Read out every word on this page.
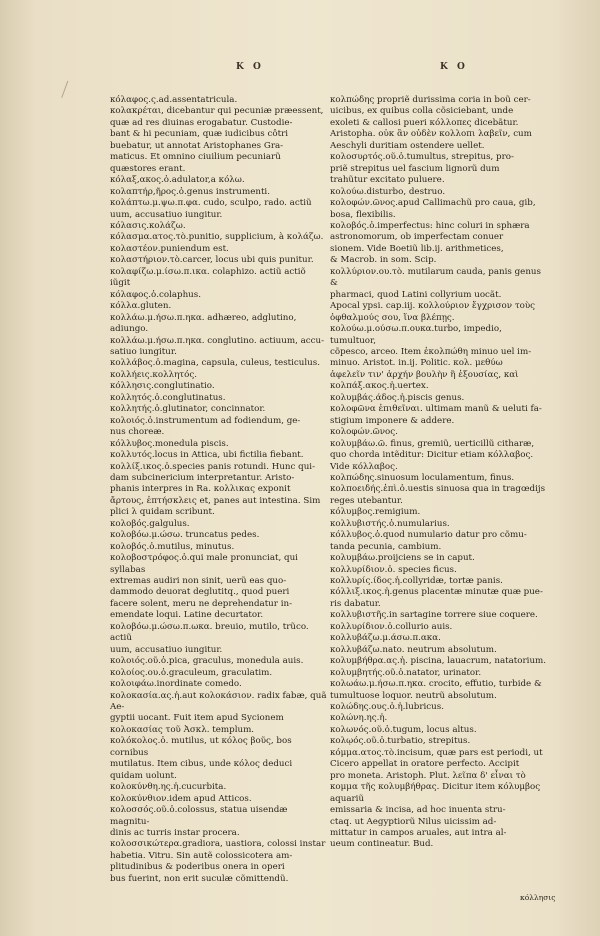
K O	K O
κόλαφος.ς.ad.assentatricula.
κολακρέται, dicebantur qui pecuniæ præessent,
quæ ad res diuinas erogabatur. Custodie-
bant & hi pecuniam, quæ iudicibus côtri
buebatur, ut annotat Aristophanes Gra-
maticus. Et omnino ciuilium pecuniarũ
quæstores erant.
κόλαξ,ακος.ὁ.adulator,a κόλω.
κολαπτήρ,ῆρος.ὁ.genus instrumenti.
κολάπτω.μ.ψω.π.φα. cudo, sculpo, rado. actiũ
uum, accusatiuo iungitur.
κόλασις.κολάζω.
κόλασμα.ατος.τὸ.punitio, supplicium, à κολάζω.
κολαστέον.puniendum est.
κολαστήριον.τὸ.carcer, locus ubi quis punitur.
κολαφίζω.μ.ίσω.π.ικα. colaphizo. actiũ actiõ iũgit
κόλαφος.ὁ.colaphus.
κόλλα.gluten.
κολλάω.μ.ήσω.π.ηκα. adhæreo, adglutino,
adiungo.
κολλάω.μ.ήσω.π.ηκα. conglutino. actiuum, accu-
satiuo iungitur.
κολλάβος.ὁ.magina, capsula, culeus, testiculus.
κολλήεις.κολλητός.
κόλλησις.conglutinatio.
κολλητός.ὁ.conglutinatus.
κολλητής.ὁ.glutinator, concinnator.
κολοιός.ὁ.instrumentum ad fodiendum, ge-
nus choreæ.
κόλλυβος.monedula piscis.
κολλυτός.locus in Attica, ubi fictilia fiebant.
κολλίξ.ικος.ὁ.species panis rotundi. Hunc qui-
dam subcinericium interpretantur. Aristo-
phanis interpres in Ra. κολλικας exponit
ἄρτους, ἐπτήσκλεις et, panes aut intestina. Sim
plici λ quidam scribunt.
κολοβός.galgulus.
κολοβόω.μ.ώσω. truncatus pedes.
κολοβός.ὁ.mutilus, minutus.
κολοβοστρόφος.ὁ.qui male pronunciat, qui syllabas
extremas audiri non sinit, uerũ eas quo-
dammodo deuorat deglutitq., quod pueri
facere solent, meru ne deprehendatur in-
emendate loqui. Latine decurtator.
κολοβόω.μ.ώσω.π.ωκα. breuio, mutilo, trũco. actiũ
uum, accusatiuo iungitur.
κολοιός.οῦ.ὁ.pica, graculus, monedula auis.
κολοίος.ου.ὁ.graculeum, graculatim.
κολοιφάω.inordinate comedo.
κολοκασία.ας.ἡ.aut κολοκάσιον. radix fabæ, quã Ae-
gyptii uocant. Fuit item apud Sycionem
κολοκασίας τοῦ Ἀσκλ. templum.
κολόκολος.ὁ. mutilus, ut κόλος βοῦς, bos cornibus
mutilatus. Item cibus, unde κόλος deduci
quidam uolunt.
κολοκύνθη.ης.ἡ.cucurbita.
κολοκύνθιον.idem apud Atticos.
κολοσσός.οῦ.ὁ.colossus, statua uisendæ magnitu-
dinis ac turris instar procera.
κολοσσικώτερα.gradiora, uastiora, colossi instar
habetia. Vitru. Sin autẽ colossicotera am-
plitudinibus & poderibus onera in operi
bus fuerint, non erit suculæ cõmittendũ.
κολπώδης propriẽ durissima coria in boũ cer-
uicibus, ex quibus colla cõsiciebant, unde
exoleti & callosi pueri κόλλοπες dicebãtur.
Aristopha. οὐκ ἂν οὐδὲν κολλοπι λαβεῖν, cum
Aeschyli duritiam ostendere uellet.
κολοσυρτός.οῦ.ὁ.tumultus, strepitus, pro-
priẽ strepitus uel fascium lignorũ dum
trahũtur excitato puluere.
κολούω.disturbo, destruo.
κολοφών.ῶνος.apud Callimachũ pro caua, gib,
bosa, flexibilis.
κολοβός.ὁ.imperfectus: hinc coluri in sphæra
astronomorum, ob imperfectam conuer
sionem. Vide Boetiũ lib.ij. arithmetices,
& Macrob. in som. Scip.
κολλύριον.ου.τὸ. mutilarum cauda, panis genus &
pharmaci, quod Latini collyrium uocãt.
Apocal ypsi. cap.iij. κολλούριον ἔγχρισον τοὺς
ὀφθαλμούς σου, ἵνα βλέπῃς.
κολούω.μ.ούσω.π.ουκα.turbo, impedio, tumultuor,
cõpesco, arceo. Item ἐκολπώθη minuo uel im-
minuo. Aristot. in.ij. Politic. κολ. μεθύω
ἀφελεῖν τιν' ἀρχήν βουλὴν ἢ ἐξουσίας, καὶ
κολπάξ.ακος.ἡ.uertex.
κολυμβάς.άδος.ἡ.piscis genus.
κολοφῶνα ἐπιθεῖναι. ultimam manũ & ueluti fa-
stigium imponere & addere.
κολοφών.ῶνος.
κολυμβάω.ῶ. finus, gremiũ, uerticillũ citharæ,
quo chorda intẽditur: Dicitur etiam κόλλαβος.
Vide κόλλαβος.
κολπώδης.sinuosum loculamentum, finus.
κολποειδής.ἐπὶ.ὁ.uestis sinuosa qua in tragœdijs
reges utebantur.
κόλυμβος.remigium.
κολλυβιστής.ὁ.numularius.
κόλλυβος.ὁ.quod numulario datur pro cõmu-
tanda pecunia, cambium.
κολυμβάω.proijciens se in caput.
κολλυρίδιον.ὁ. species ficus.
κολλυρίς.ίδος.ἡ.collyridæ, tortæ panis.
κόλλιξ.ικος.ἡ.genus placentæ minutæ quæ pue-
ris dabatur.
κολλυβιστῆς.in sartagine torrere siue coquere.
κολλυρίδιον.ὁ.collurio auis.
κολλυβάζω.μ.άσω.π.ακα.
κολλυβάζω.nato. neutrum absolutum.
κολυμβήθρα.ας.ἡ. piscina, lauacrum, natatorium.
κολυμβητής.οῦ.ὁ.natator, urinator.
κολωάω.μ.ήσω.π.ηκα. crocito, effutio, turbide &
tumultuose loquor. neutrũ absolutum.
κολώδης.ους.ὁ.ἡ.lubricus.
κολώνη.ης.ἡ.
κολωνός.οῦ.ὁ.tugum, locus altus.
κολῳός.οῦ.ὁ.turbatio, strepitus.
κόμμα.ατος.τὸ.incisum, quæ pars est periodi, ut
Cicero appellat in oratore perfecto. Accipit
pro moneta. Aristoph. Plut. λεῖπα δ' εἶναι τὸ
κομμα τῆς κολυμβήθρας. Dicitur item κόλυμβος aquariũ
emissaria & incisa, ad hoc inuenta stru-
ctaq. ut Aegyptiorũ Nilus uicissim ad-
mittatur in campos aruales, aut intra al-
ueum contineatur. Bud.
κόλλησις
